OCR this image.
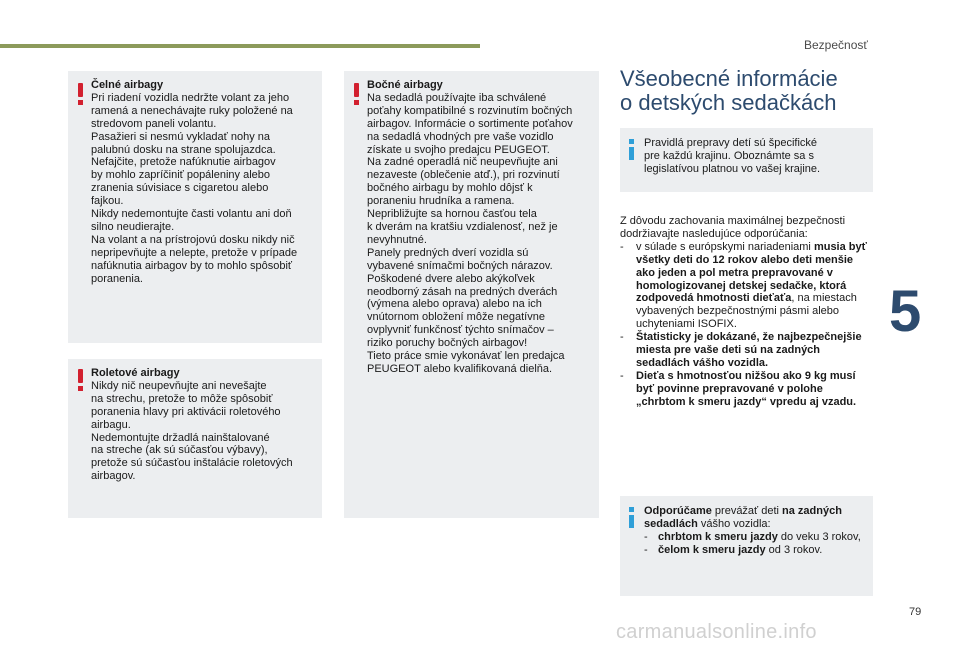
Bezpečnosť
5
79
carmanualsonline.info
Čelné airbagy

Pri riadení vozidla nedržte volant za jeho

ramená a nenechávajte ruky položené na

stredovom paneli volantu.

Pasažieri si nesmú vykladať nohy na

palubnú dosku na strane spolujazdca.

Nefajčite, pretože nafúknutie airbagov

by mohlo zapríčiniť popáleniny alebo

zranenia súvisiace s cigaretou alebo

fajkou.

Nikdy nedemontujte časti volantu ani doň

silno neudierajte.

Na volant a na prístrojovú dosku nikdy nič

nepripevňujte a nelepte, pretože v prípade

nafúknutia airbagov by to mohlo spôsobiť

poranenia.

Roletové airbagy

Nikdy nič neupevňujte ani nevešajte

na strechu, pretože to môže spôsobiť

poranenia hlavy pri aktivácii roletového

airbagu.

Nedemontujte držadlá nainštalované

na streche (ak sú súčasťou výbavy),

pretože sú súčasťou inštalácie roletových

airbagov.

Bočné airbagy

Na sedadlá používajte iba schválené

poťahy kompatibilné s rozvinutím bočných

airbagov. Informácie o sortimente poťahov

na sedadlá vhodných pre vaše vozidlo

získate u svojho predajcu PEUGEOT.

Na zadné operadlá nič neupevňujte ani

nezaveste (oblečenie atď.), pri rozvinutí

bočného airbagu by mohlo dôjsť k

poraneniu hrudníka a ramena.

Nepribližujte sa hornou časťou tela

k dverám na kratšiu vzdialenosť, než je

nevyhnutné.

Panely predných dverí vozidla sú

vybavené snímačmi bočných nárazov.

Poškodené dvere alebo akýkoľvek

neodborný zásah na predných dverách

(výmena alebo oprava) alebo na ich

vnútornom obložení môže negatívne

ovplyvniť funkčnosť týchto snímačov –

riziko poruchy bočných airbagov!

Tieto práce smie vykonávať len predajca

PEUGEOT alebo kvalifikovaná dielňa.

Všeobecné informácie
o detských sedačkách

Pravidlá prepravy detí sú špecifické

pre každú krajinu. Oboznámte sa s

legislatívou platnou vo vašej krajine.

Z dôvodu zachovania maximálnej bezpečnosti

dodržiavajte nasledujúce odporúčania:

-	v súlade s európskymi nariadeniami musia byť všetky deti do 12 rokov alebo deti menšie ako jeden a pol metra prepravované v homologizovanej detskej sedačke, ktorá zodpovedá hmotnosti dieťaťa, na miestach vybavených bezpečnostnými pásmi alebo uchyteniami ISOFIX.
-	Štatisticky je dokázané, že najbezpečnejšie miesta pre vaše deti sú na zadných sedadlách vášho vozidla.
-	Dieťa s hmotnosťou nižšou ako 9 kg musí byť povinne prepravované v polohe „chrbtom k smeru jazdy“ vpredu aj vzadu.

Odporúčame prevážať deti na zadných sedadlách vášho vozidla:

- chrbtom k smeru jazdy do veku 3 rokov,
- čelom k smeru jazdy od 3 rokov.
